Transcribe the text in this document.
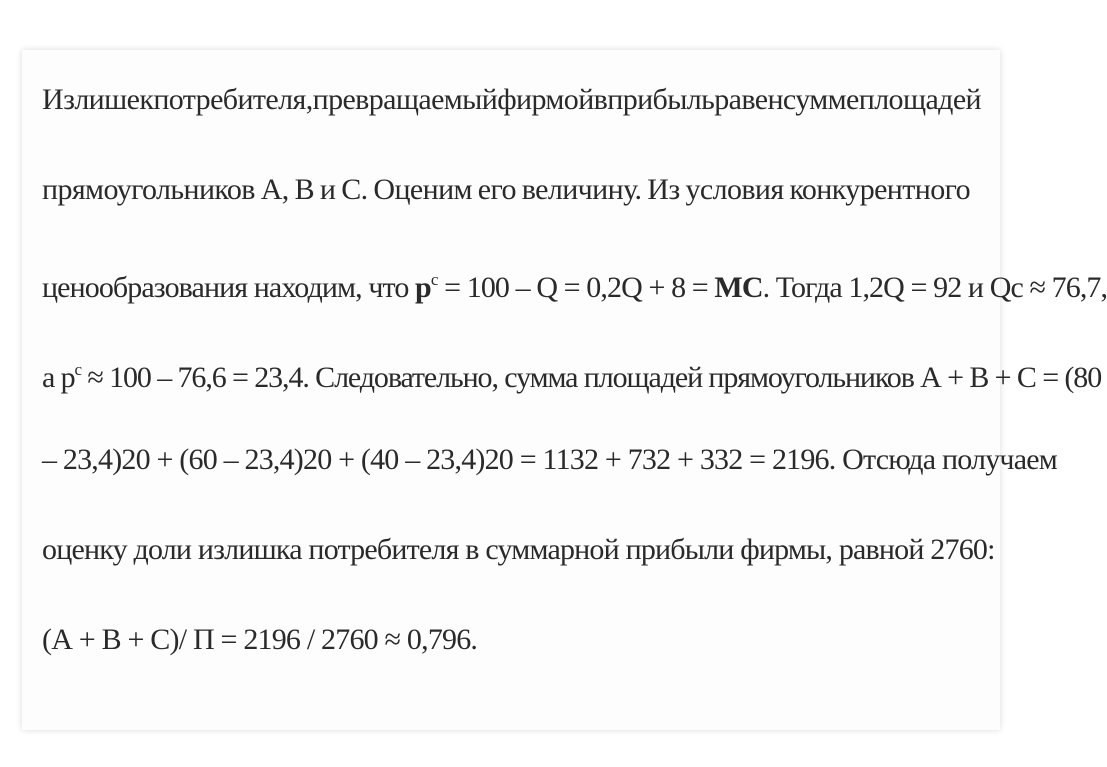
Излишек потребителя, превращаемый фирмой в прибыль равен сумме площадей
прямоугольников А, В и С. Оценим его величину. Из условия конкурентного
ценообразования находим, что $р^с = 100 - Q = 0,2Q + 8$ = МС. Тогда 1,2Q = 92 и Qc ≈ 76,7,
а $р^с \approx 100 - 76,6 = 23,4$. Следовательно, сумма площадей прямоугольников А + В + С = (80
– 23,4)20 + (60 – 23,4)20 + (40 – 23,4)20 = 1132 + 732 + 332 = 2196. Отсюда получаем
оценку доли излишка потребителя в суммарной прибыли фирмы, равной 2760:
(А + В + С)/ П = 2196 / 2760 ≈ 0,796.
